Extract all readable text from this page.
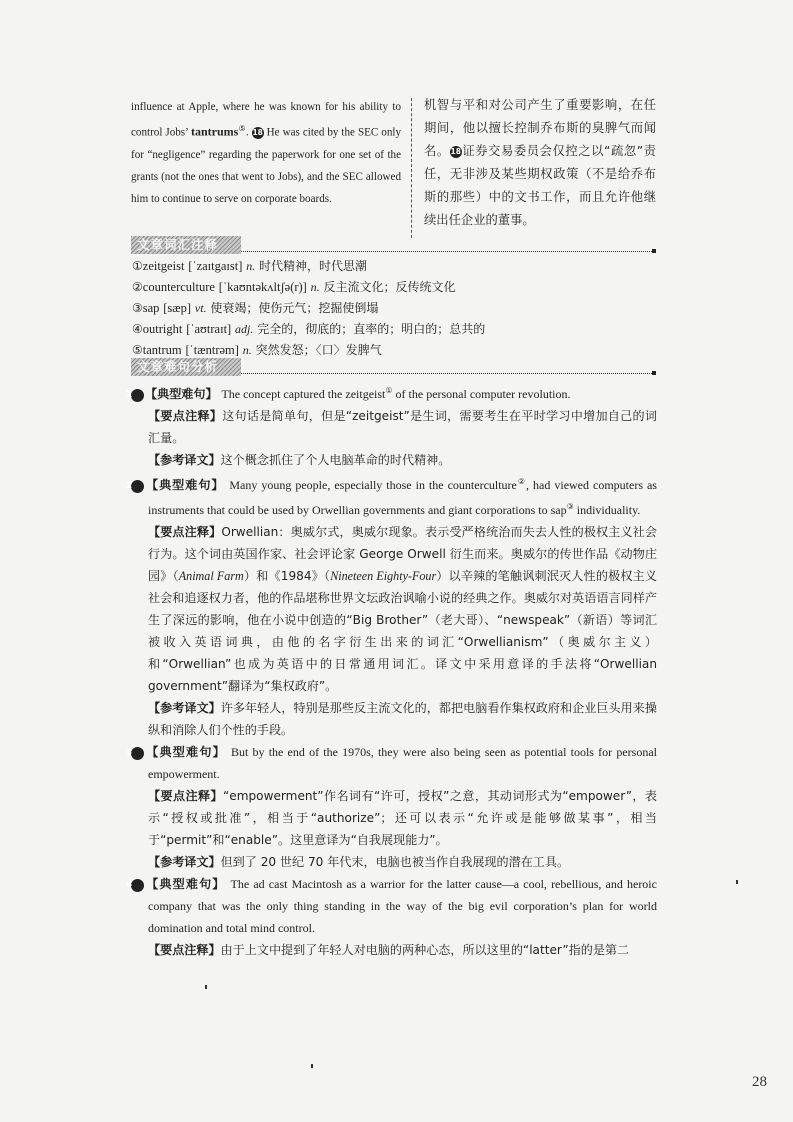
influence at Apple, where he was known for his ability to control Jobs’ tantrums⑤. 18 He was cited by the SEC only for “negligence” regarding the paperwork for one set of the grants (not the ones that went to Jobs), and the SEC allowed him to continue to serve on corporate boards.
机智与平和对公司产生了重要影响，在任期间，他以擅长控制乔布斯的臭脾气而闻名。18证券交易委员会仅控之以“疏忽”责任，无非涉及某些期权政策（不是给乔布斯的那些）中的文书工作，而且允许他继续出任企业的董事。
文章词汇注释
①zeitgeist [ˈzaɪtgaɪst] n. 时代精神，时代思潮
②counterculture [ˈkaʊntəkʌltʃə(r)] n. 反主流文化；反传统文化
③sap [sæp] vt. 使衰竭；使伤元气；挖掘使倒塌
④outright [ˈaʊtraɪt] adj. 完全的，彻底的；直率的；明白的；总共的
⑤tantrum [ˈtæntrəm] n. 突然发怒；〈口〉发脾气
文章难句分析
1 【典型难句】 The concept captured the zeitgeist① of the personal computer revolution.

【要点注释】这句话是简单句，但是“zeitgeist”是生词，需要考生在平时学习中增加自己的词汇量。

【参考译文】这个概念抓住了个人电脑革命的时代精神。

2 【典型难句】 Many young people, especially those in the counterculture②, had viewed computers as instruments that could be used by Orwellian governments and giant corporations to sap③ individuality.

【要点注释】Orwellian：奥威尔式，奥威尔现象。表示受严格统治而失去人性的极权主义社会行为。这个词由英国作家、社会评论家 George Orwell 衍生而来。奥威尔的传世作品《动物庄园》（Animal Farm）和《1984》（Nineteen Eighty-Four）以辛辣的笔触讽刺泯灭人性的极权主义社会和追逐权力者，他的作品堪称世界文坛政治讽喻小说的经典之作。奥威尔对英语语言同样产生了深远的影响，他在小说中创造的“Big Brother”（老大哥）、“newspeak”（新语）等词汇被收入英语词典，由他的名字衍生出来的词汇“Orwellianism”（奥威尔主义）和“Orwellian”也成为英语中的日常通用词汇。译文中采用意译的手法将“Orwellian government”翻译为“集权政府”。

【参考译文】许多年轻人，特别是那些反主流文化的，都把电脑看作集权政府和企业巨头用来操纵和消除人们个性的手段。

3 【典型难句】 But by the end of the 1970s, they were also being seen as potential tools for personal empowerment.

【要点注释】“empowerment”作名词有“许可，授权”之意，其动词形式为“empower”，表示“授权或批准”，相当于“authorize”；还可以表示“允许或是能够做某事”，相当于“permit”和“enable”。这里意译为“自我展现能力”。

【参考译文】但到了 20 世纪 70 年代末，电脑也被当作自我展现的潜在工具。

4 【典型难句】 The ad cast Macintosh as a warrior for the latter cause—a cool, rebellious, and heroic company that was the only thing standing in the way of the big evil corporation’s plan for world domination and total mind control.

【要点注释】由于上文中提到了年轻人对电脑的两种心态，所以这里的“latter”指的是第二

28
